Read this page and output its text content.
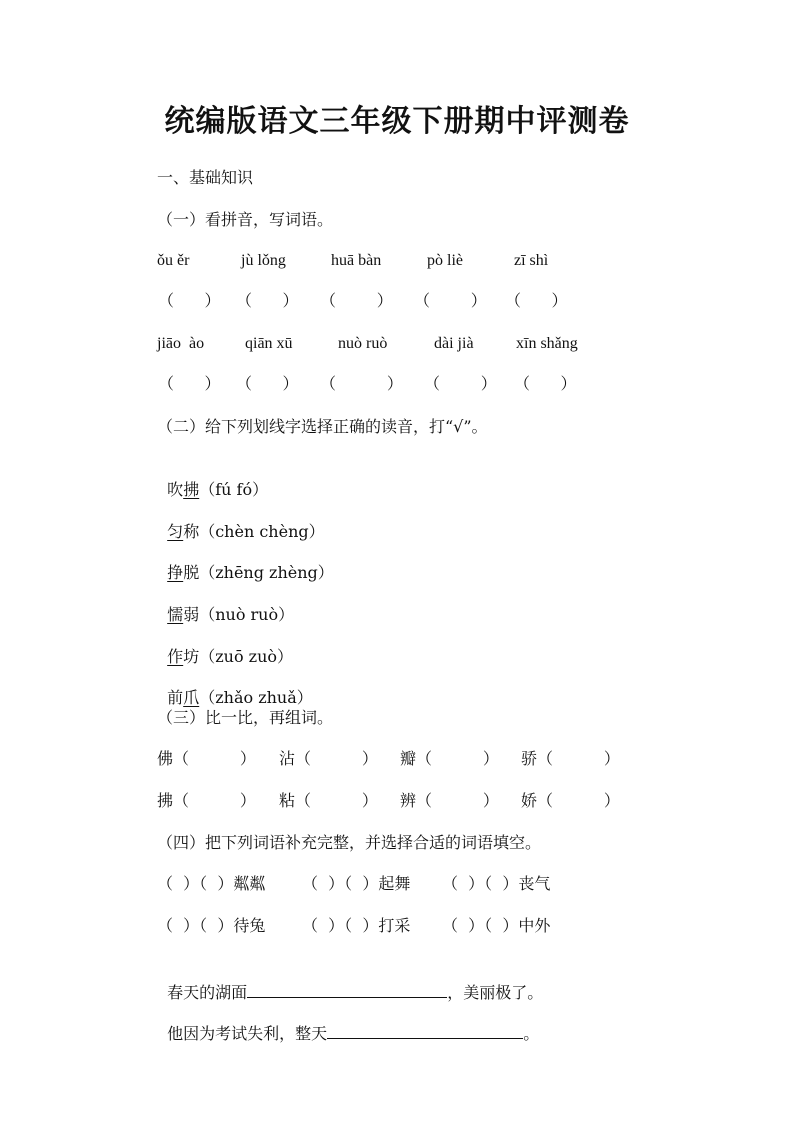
统编版语文三年级下册期中评测卷
一、基础知识
（一）看拼音，写词语。
ǒu ěr	jù lǒng	huā bàn	pò liè	zī shì
（      ） （      ） （        ） （        ） （      ）
jiāo  ào	qiān xū	nuò ruò	dài jià	xīn shǎng
（      ） （      ） （          ） （        ） （      ）
（二）给下列划线字选择正确的读音，打“√”。

吹拂（fú fó）

匀称（chèn chèng）

挣脱（zhēng zhèng）

懦弱（nuò ruò）

作坊（zuō zuò）

前爪（zhǎo zhuǎ）

（三）比一比，再组词。
佛（          ） 沾（          ） 瓣（          ） 骄（          ）
拂（          ） 粘（          ） 辨（          ） 娇（          ）
（四）把下列词语补充完整，并选择合适的词语填空。
（  ）（  ）粼粼 （  ）（  ）起舞 （  ）（  ）丧气
（  ）（  ）待兔 （  ）（  ）打采 （  ）（  ）中外

春天的湖面	，美丽极了。

他因为考试失利，整天	。
